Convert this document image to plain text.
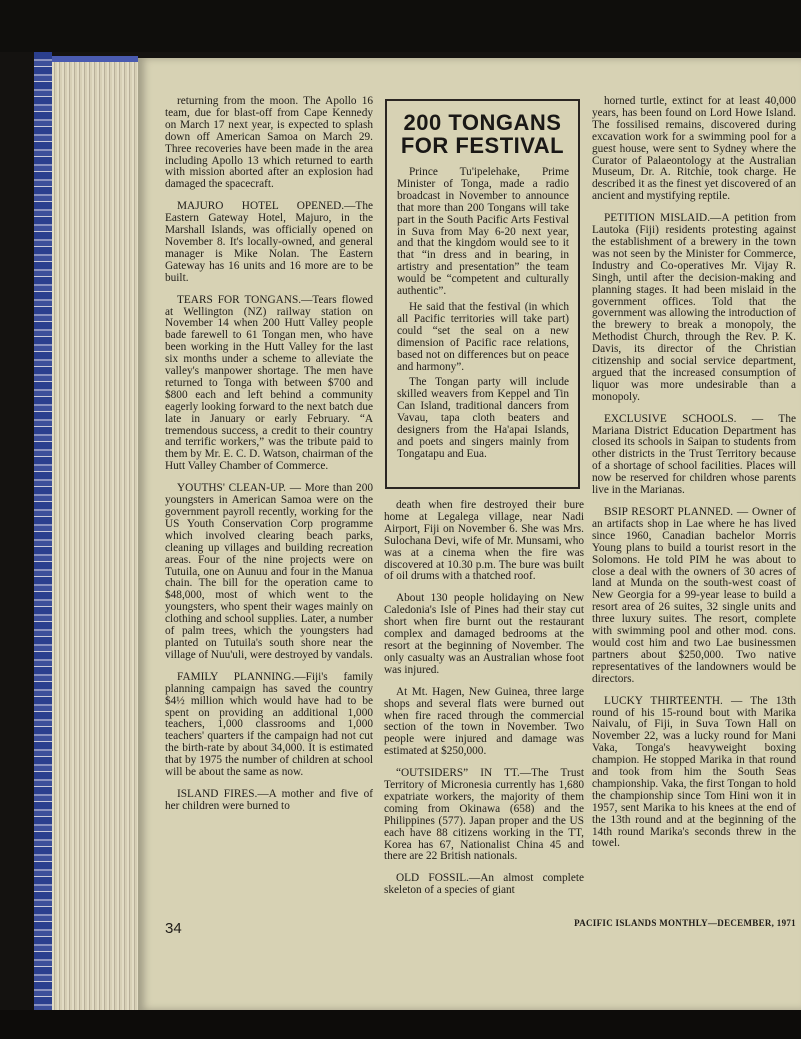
returning from the moon. The Apollo 16 team, due for blast-off from Cape Kennedy on March 17 next year, is expected to splash down off American Samoa on March 29. Three recoveries have been made in the area including Apollo 13 which returned to earth with mission aborted after an explosion had damaged the spacecraft.

MAJURO HOTEL OPENED.—The Eastern Gateway Hotel, Majuro, in the Marshall Islands, was officially opened on November 8. It's locally-owned, and general manager is Mike Nolan. The Eastern Gateway has 16 units and 16 more are to be built.

TEARS FOR TONGANS.—Tears flowed at Wellington (NZ) railway station on November 14 when 200 Hutt Valley people bade farewell to 61 Tongan men, who have been working in the Hutt Valley for the last six months under a scheme to alleviate the valley's manpower shortage. The men have returned to Tonga with between $700 and $800 each and left behind a community eagerly looking forward to the next batch due late in January or early February. “A tremendous success, a credit to their country and terrific workers,” was the tribute paid to them by Mr. E. C. D. Watson, chairman of the Hutt Valley Chamber of Commerce.

YOUTHS' CLEAN-UP. — More than 200 youngsters in American Samoa were on the government payroll recently, working for the US Youth Conservation Corp programme which involved clearing beach parks, cleaning up villages and building recreation areas. Four of the nine projects were on Tutuila, one on Aunuu and four in the Manua chain. The bill for the operation came to $48,000, most of which went to the youngsters, who spent their wages mainly on clothing and school supplies. Later, a number of palm trees, which the youngsters had planted on Tutuila's south shore near the village of Nuu'uli, were destroyed by vandals.

FAMILY PLANNING.—Fiji's family planning campaign has saved the country $4½ million which would have had to be spent on providing an additional 1,000 teachers, 1,000 classrooms and 1,000 teachers' quarters if the campaign had not cut the birth-rate by about 34,000. It is estimated that by 1975 the number of children at school will be about the same as now.

ISLAND FIRES.—A mother and five of her children were burned to

200 TONGANS
FOR FESTIVAL

Prince Tu'ipelehake, Prime Minister of Tonga, made a radio broadcast in November to announce that more than 200 Tongans will take part in the South Pacific Arts Festival in Suva from May 6-20 next year, and that the kingdom would see to it that “in dress and in bearing, in artistry and presentation” the team would be “competent and culturally authentic”.

He said that the festival (in which all Pacific territories will take part) could “set the seal on a new dimension of Pacific race relations, based not on differences but on peace and harmony”.

The Tongan party will include skilled weavers from Keppel and Tin Can Island, traditional dancers from Vavau, tapa cloth beaters and designers from the Ha'apai Islands, and poets and singers mainly from Tongatapu and Eua.

death when fire destroyed their bure home at Legalega village, near Nadi Airport, Fiji on November 6. She was Mrs. Sulochana Devi, wife of Mr. Munsami, who was at a cinema when the fire was discovered at 10.30 p.m. The bure was built of oil drums with a thatched roof.

About 130 people holidaying on New Caledonia's Isle of Pines had their stay cut short when fire burnt out the restaurant complex and damaged bedrooms at the resort at the beginning of November. The only casualty was an Australian whose foot was injured.

At Mt. Hagen, New Guinea, three large shops and several flats were burned out when fire raced through the commercial section of the town in November. Two people were injured and damage was estimated at $250,000.

“OUTSIDERS” IN TT.—The Trust Territory of Micronesia currently has 1,680 expatriate workers, the majority of them coming from Okinawa (658) and the Philippines (577). Japan proper and the US each have 88 citizens working in the TT, Korea has 67, Nationalist China 45 and there are 22 British nationals.

OLD FOSSIL.—An almost complete skeleton of a species of giant

horned turtle, extinct for at least 40,000 years, has been found on Lord Howe Island. The fossilised remains, discovered during excavation work for a swimming pool for a guest house, were sent to Sydney where the Curator of Palaeontology at the Australian Museum, Dr. A. Ritchie, took charge. He described it as the finest yet discovered of an ancient and mystifying reptile.

PETITION MISLAID.—A petition from Lautoka (Fiji) residents protesting against the establishment of a brewery in the town was not seen by the Minister for Commerce, Industry and Co-operatives Mr. Vijay R. Singh, until after the decision-making and planning stages. It had been mislaid in the government offices. Told that the government was allowing the introduction of the brewery to break a monopoly, the Methodist Church, through the Rev. P. K. Davis, its director of the Christian citizenship and social service department, argued that the increased consumption of liquor was more undesirable than a monopoly.

EXCLUSIVE SCHOOLS. — The Mariana District Education Department has closed its schools in Saipan to students from other districts in the Trust Territory because of a shortage of school facilities. Places will now be reserved for children whose parents live in the Marianas.

BSIP RESORT PLANNED. — Owner of an artifacts shop in Lae where he has lived since 1960, Canadian bachelor Morris Young plans to build a tourist resort in the Solomons. He told PIM he was about to close a deal with the owners of 30 acres of land at Munda on the south-west coast of New Georgia for a 99-year lease to build a resort area of 26 suites, 32 single units and three luxury suites. The resort, complete with swimming pool and other mod. cons. would cost him and two Lae businessmen partners about $250,000. Two native representatives of the landowners would be directors.

LUCKY THIRTEENTH. — The 13th round of his 15-round bout with Marika Naivalu, of Fiji, in Suva Town Hall on November 22, was a lucky round for Mani Vaka, Tonga's heavyweight boxing champion. He stopped Marika in that round and took from him the South Seas championship. Vaka, the first Tongan to hold the championship since Tom Hini won it in 1957, sent Marika to his knees at the end of the 13th round and at the beginning of the 14th round Marika's seconds threw in the towel.

34	PACIFIC ISLANDS MONTHLY—DECEMBER, 1971
